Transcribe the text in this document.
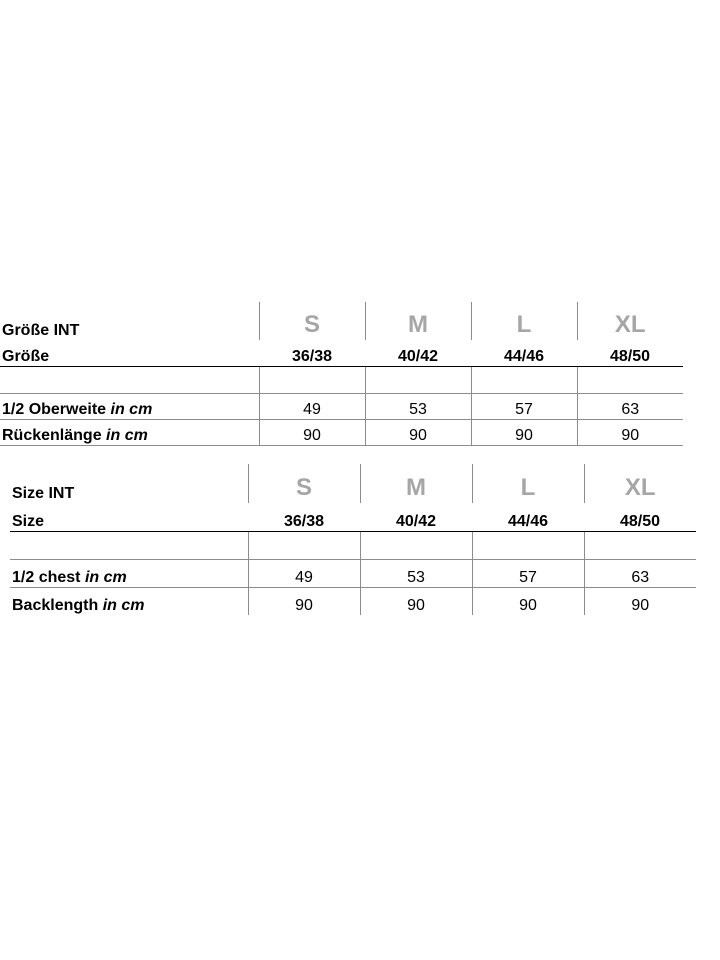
Größe INT	S	M	L	XL
Größe	36/38	40/42	44/46	48/50

1/2 Oberweite in cm	49	53	57	63
Rückenlänge in cm	90	90	90	90
Size INT	S	M	L	XL
Size	36/38	40/42	44/46	48/50

1/2 chest in cm	49	53	57	63
Backlength in cm	90	90	90	90
